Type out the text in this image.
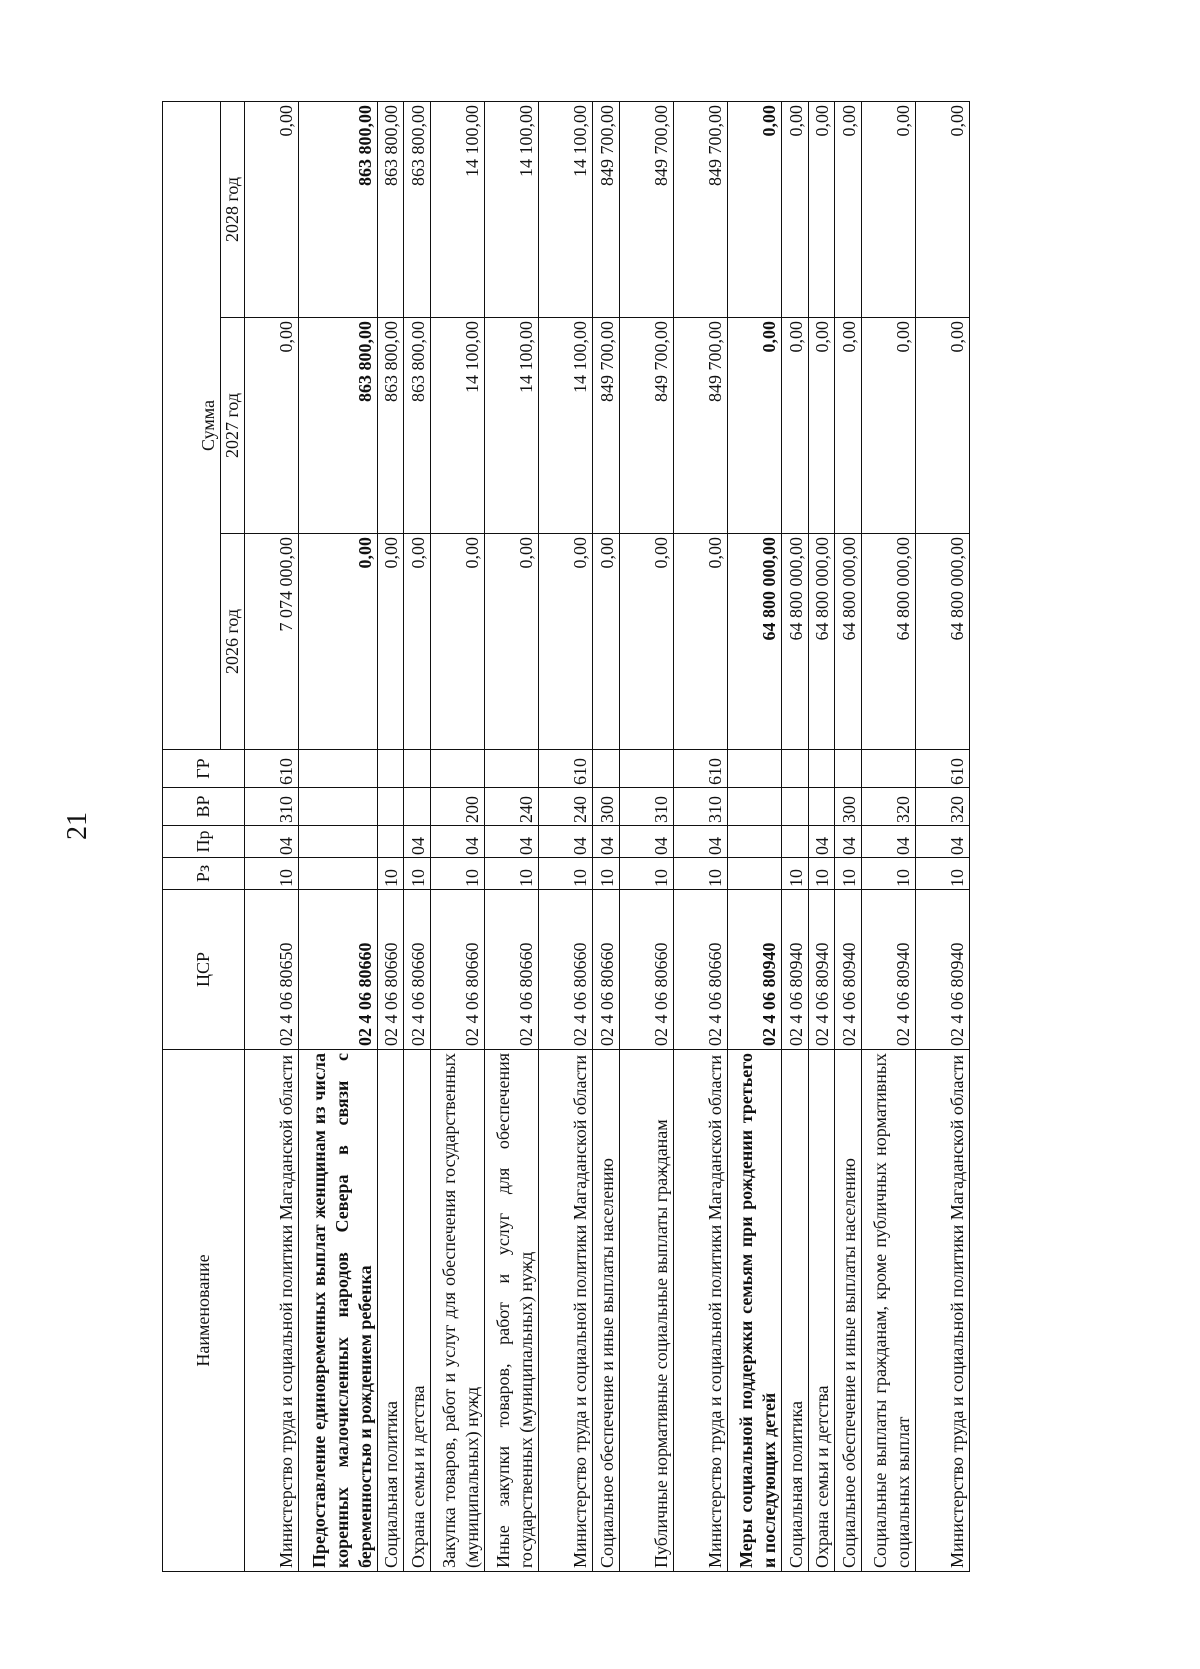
21
Наименование	ЦСР	Рз	Пр	ВР	ГР	Сумма		
						2026 год	2027 год	2028 год
Министерство труда и социальной политики Магаданской области	02 4 06 80650	10	04	310	610	7 074 000,00	0,00	0,00
Предоставление единовременных выплат женщинам из числа коренных малочисленных народов Севера в связи с беременностью и рождением ребенка	02 4 06 80660					0,00	863 800,00	863 800,00
Социальная политика	02 4 06 80660	10				0,00	863 800,00	863 800,00
Охрана семьи и детства	02 4 06 80660	10	04			0,00	863 800,00	863 800,00
Закупка товаров, работ и услуг для обеспечения государственных (муниципальных) нужд	02 4 06 80660	10	04	200		0,00	14 100,00	14 100,00
Иные закупки товаров, работ и услуг для обеспечения государственных (муниципальных) нужд	02 4 06 80660	10	04	240		0,00	14 100,00	14 100,00
Министерство труда и социальной политики Магаданской области	02 4 06 80660	10	04	240	610	0,00	14 100,00	14 100,00
Социальное обеспечение и иные выплаты населению	02 4 06 80660	10	04	300		0,00	849 700,00	849 700,00
Публичные нормативные социальные выплаты гражданам	02 4 06 80660	10	04	310		0,00	849 700,00	849 700,00
Министерство труда и социальной политики Магаданской области	02 4 06 80660	10	04	310	610	0,00	849 700,00	849 700,00
Меры социальной поддержки семьям при рождении третьего и последующих детей	02 4 06 80940					64 800 000,00	0,00	0,00
Социальная политика	02 4 06 80940	10				64 800 000,00	0,00	0,00
Охрана семьи и детства	02 4 06 80940	10	04			64 800 000,00	0,00	0,00
Социальное обеспечение и иные выплаты населению	02 4 06 80940	10	04	300		64 800 000,00	0,00	0,00
Социальные выплаты гражданам, кроме публичных нормативных социальных выплат	02 4 06 80940	10	04	320		64 800 000,00	0,00	0,00
Министерство труда и социальной политики Магаданской области	02 4 06 80940	10	04	320	610	64 800 000,00	0,00	0,00
